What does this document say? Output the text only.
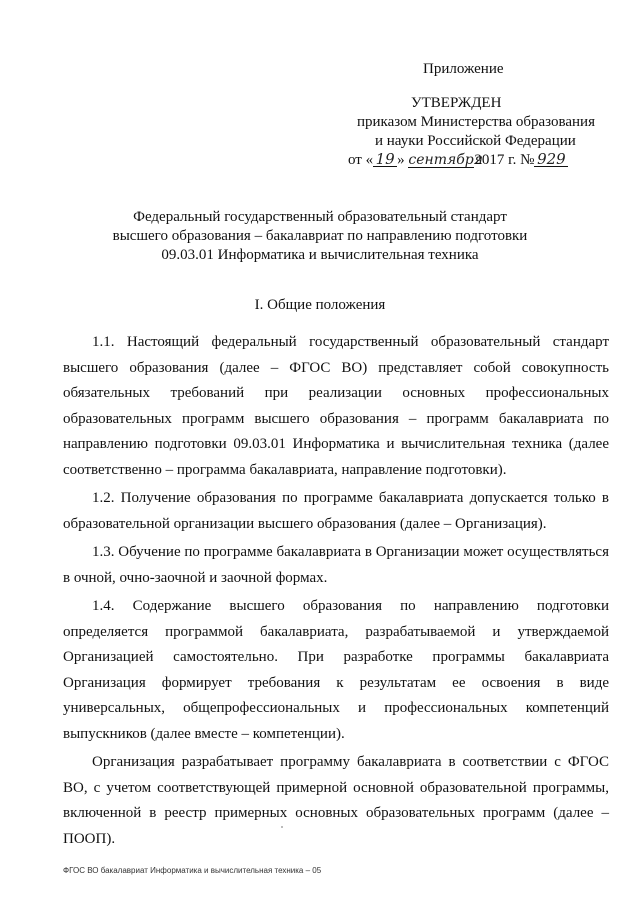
Приложение
УТВЕРЖДЕН
приказом Министерства образования
и науки Российской Федерации
от « 19 » сентября2017 г. № 929
Федеральный государственный образовательный стандарт
высшего образования – бакалавриат по направлению подготовки
09.03.01 Информатика и вычислительная техника
I. Общие положения

1.1. Настоящий федеральный государственный образовательный стандарт высшего образования (далее – ФГОС ВО) представляет собой совокупность обязательных требований при реализации основных профессиональных образовательных программ высшего образования – программ бакалавриата по направлению подготовки 09.03.01 Информатика и вычислительная техника (далее соответственно – программа бакалавриата, направление подготовки).

1.2. Получение образования по программе бакалавриата допускается только в образовательной организации высшего образования (далее – Организация).

1.3. Обучение по программе бакалавриата в Организации может осуществляться в очной, очно-заочной и заочной формах.

1.4. Содержание высшего образования по направлению подготовки определяется программой бакалавриата, разрабатываемой и утверждаемой Организацией самостоятельно. При разработке программы бакалавриата Организация формирует требования к результатам ее освоения в виде универсальных, общепрофессиональных и профессиональных компетенций выпускников (далее вместе – компетенции).

Организация разрабатывает программу бакалавриата в соответствии с ФГОС ВО, с учетом соответствующей примерной основной образовательной программы, включенной в реестр примерных основных образовательных программ (далее – ПООП).

ФГОС ВО бакалавриат Информатика и вычислительная техника – 05
